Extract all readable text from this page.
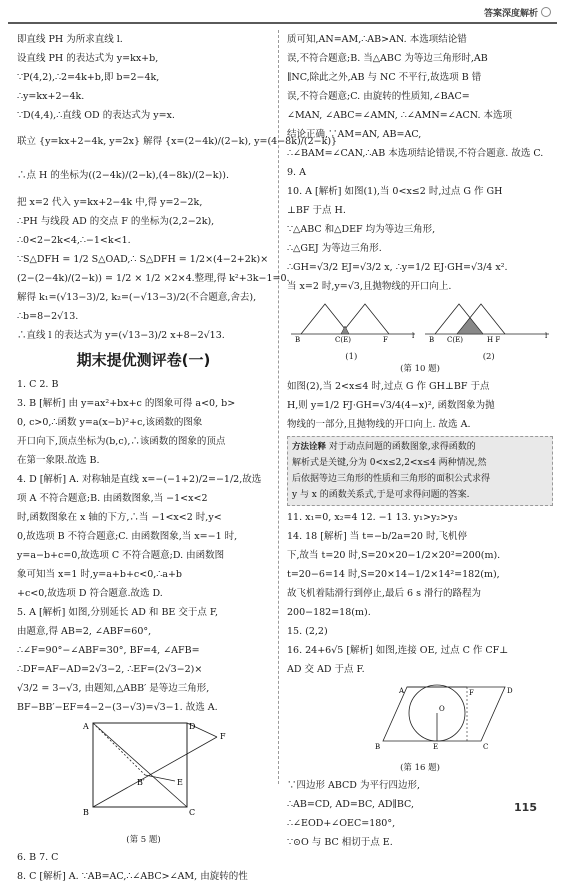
答案深度解析
即直线 PH 为所求直线 l.
设直线 PH 的表达式为 y=kx+b,
∵P(4,2),∴2=4k+b,即 b=2−4k,
∴y=kx+2−4k.
∵D(4,4),∴直线 OD 的表达式为 y=x.
联立 {y=kx+2−4k, y=2x} 解得 {x=(2−4k)/(2−k), y=(4−8k)/(2−k)}
∴点 H 的坐标为((2−4k)/(2−k),(4−8k)/(2−k)).
把 x=2 代入 y=kx+2−4k 中,得 y=2−2k,
∴PH 与线段 AD 的交点 F 的坐标为(2,2−2k),
∴0<2−2k<4,∴−1<k<1.
∵S△DFH = 1/2 S△OAD,∴ S△DFH = 1/2×(4−2+2k)×
(2−(2−4k)/(2−k)) = 1/2 × 1/2 ×2×4.整理,得 k²+3k−1=0.
解得 k₁=(√13−3)/2, k₂=(−√13−3)/2(不合题意,舍去),
∴b=8−2√13.
∴直线 l 的表达式为 y=(√13−3)/2 x+8−2√13.
期末提优测评卷(一)
1. C 2. B
3. B [解析] 由 y=ax²+bx+c 的图象可得 a<0, b>
0, c>0,∴函数 y=a(x−b)²+c,该函数的图象
开口向下,顶点坐标为(b,c),∴该函数的图象的顶点
在第一象限.故选 B.
4. D [解析] A. 对称轴是直线 x=−(−1+2)/2=−1/2,故选
项 A 不符合题意;B. 由函数图象,当 −1<x<2
时,函数图象在 x 轴的下方,∴当 −1<x<2 时,y<
0,故选项 B 不符合题意;C. 由函数图象,当 x=−1 时,
y=a−b+c=0,故选项 C 不符合题意;D. 由函数图
象可知当 x=1 时,y=a+b+c<0,∴a+b
+c<0,故选项 D 符合题意.故选 D.
5. A [解析] 如图,分别延长 AD 和 BE 交于点 F,
由题意,得 AB=2, ∠ABF=60°,
∴∠F=90°−∠ABF=30°, BF=4, ∠AFB=
∴DF=AF−AD=2√3−2, ∴EF=(2√3−2)×
√3/2 = 3−√3, 由题知,△ABB′ 是等边三角形,
BF−BB′−EF=4−2−(3−√3)=√3−1. 故选 A.
A	D
F
B	C
E
B′
(第 5 题)
6. B 7. C
8. C [解析] A. ∵AB=AC,∴∠ABC>∠AM, 由旋转的性
质可知,AN=AM,∴AB>AN. 本选项结论错
误,不符合题意;B. 当△ABC 为等边三角形时,AB
∥NC,除此之外,AB 与 NC 不平行,故选项 B 错
误,不符合题意;C. 由旋转的性质知,∠BAC=
∠MAN, ∠ABC=∠AMN, ∴∠AMN=∠ACN. 本选项
结论正确,∵AM=AN, AB=AC,
∴∠BAM=∠CAN,∴AB 本选项结论错误,不符合题意. 故选 C.
9. A
10. A [解析] 如图(1),当 0<x≤2 时,过点 G 作 GH
⊥BF 于点 H.
∵△ABC 和△DEF 均为等边三角形,
∴△GEJ 为等边三角形.
∴GH=√3/2 EJ=√3/2 x, ∴y=1/2 EJ·GH=√3/4 x².
当 x=2 时,y=√3,且抛物线的开口向上.
B	C(E)	F	l B C(E)	H F	l
(1)	(2)
(第 10 题)
如图(2),当 2<x≤4 时,过点 G 作 GH⊥BF 于点
H,则 y=1/2 FJ·GH=√3/4(4−x)², 函数图象为抛
物线的一部分,且抛物线的开口向上. 故选 A.
方法诠释 对于动点问题的函数图象,求得函数的
解析式是关键,分为 0<x≤2,2<x≤4 两种情况,然
后依据等边三角形的性质和三角形的面积公式求得
y 与 x 的函数关系式,于是可求得问题的答案.
11. x₁=0, x₂=4 12. −1 13. y₁>y₂>y₃
14. 18 [解析] 当 t=−b/2a=20 时,飞机停
下,故当 t=20 时,S=20×20−1/2×20²=200(m).
t=20−6=14 时,S=20×14−1/2×14²=182(m),
故飞机着陆滑行到停止,最后 6 s 滑行的路程为
200−182=18(m).
15. (2,2)
16. 24+6√5 [解析] 如图,连接 OE, 过点 C 作 CF⊥
AD 交 AD 于点 F.
A	D
B	C
E
O
F
(第 16 题)
∵四边形 ABCD 为平行四边形,
∴AB=CD, AD=BC, AD∥BC,
∴∠EOD+∠OEC=180°,
∵⊙O 与 BC 相切于点 E.
115
